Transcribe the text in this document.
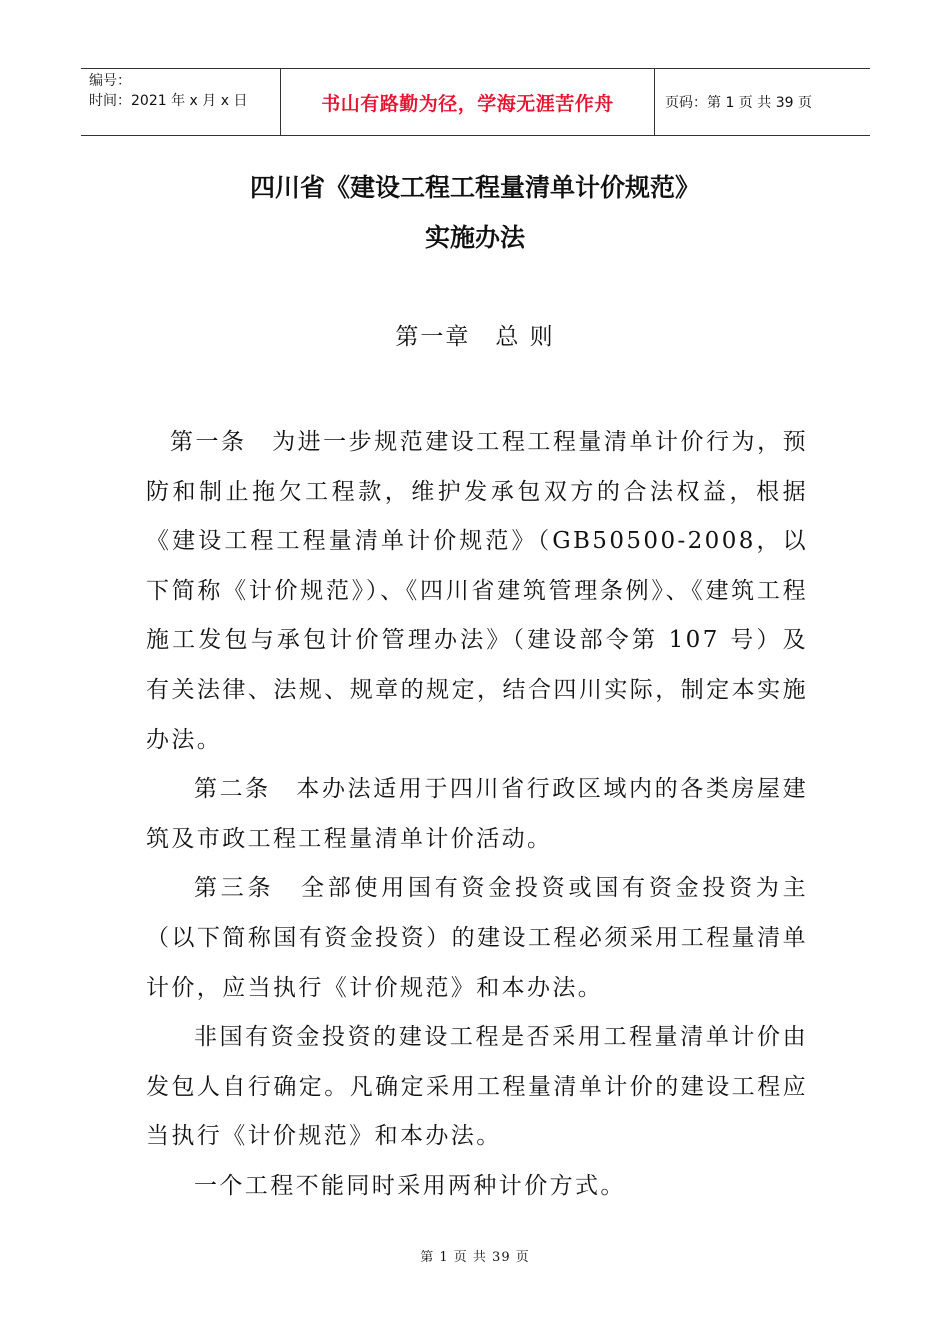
编号：
时间：2021 年 x 月 x 日	书山有路勤为径，学海无涯苦作舟	页码：第 1 页 共 39 页
四川省《建设工程工程量清单计价规范》
实施办法
第一章　总 则

第一条　为进一步规范建设工程工程量清单计价行为，预防和制止拖欠工程款，维护发承包双方的合法权益，根据《建设工程工程量清单计价规范》（GB50500-2008，以下简称《计价规范》）、《四川省建筑管理条例》、《建筑工程施工发包与承包计价管理办法》（建设部令第 107 号）及有关法律、法规、规章的规定，结合四川实际，制定本实施办法。

第二条　本办法适用于四川省行政区域内的各类房屋建筑及市政工程工程量清单计价活动。

第三条　全部使用国有资金投资或国有资金投资为主（以下简称国有资金投资）的建设工程必须采用工程量清单计价，应当执行《计价规范》和本办法。

非国有资金投资的建设工程是否采用工程量清单计价由发包人自行确定。凡确定采用工程量清单计价的建设工程应当执行《计价规范》和本办法。

一个工程不能同时采用两种计价方式。

第 1 页 共 39 页
